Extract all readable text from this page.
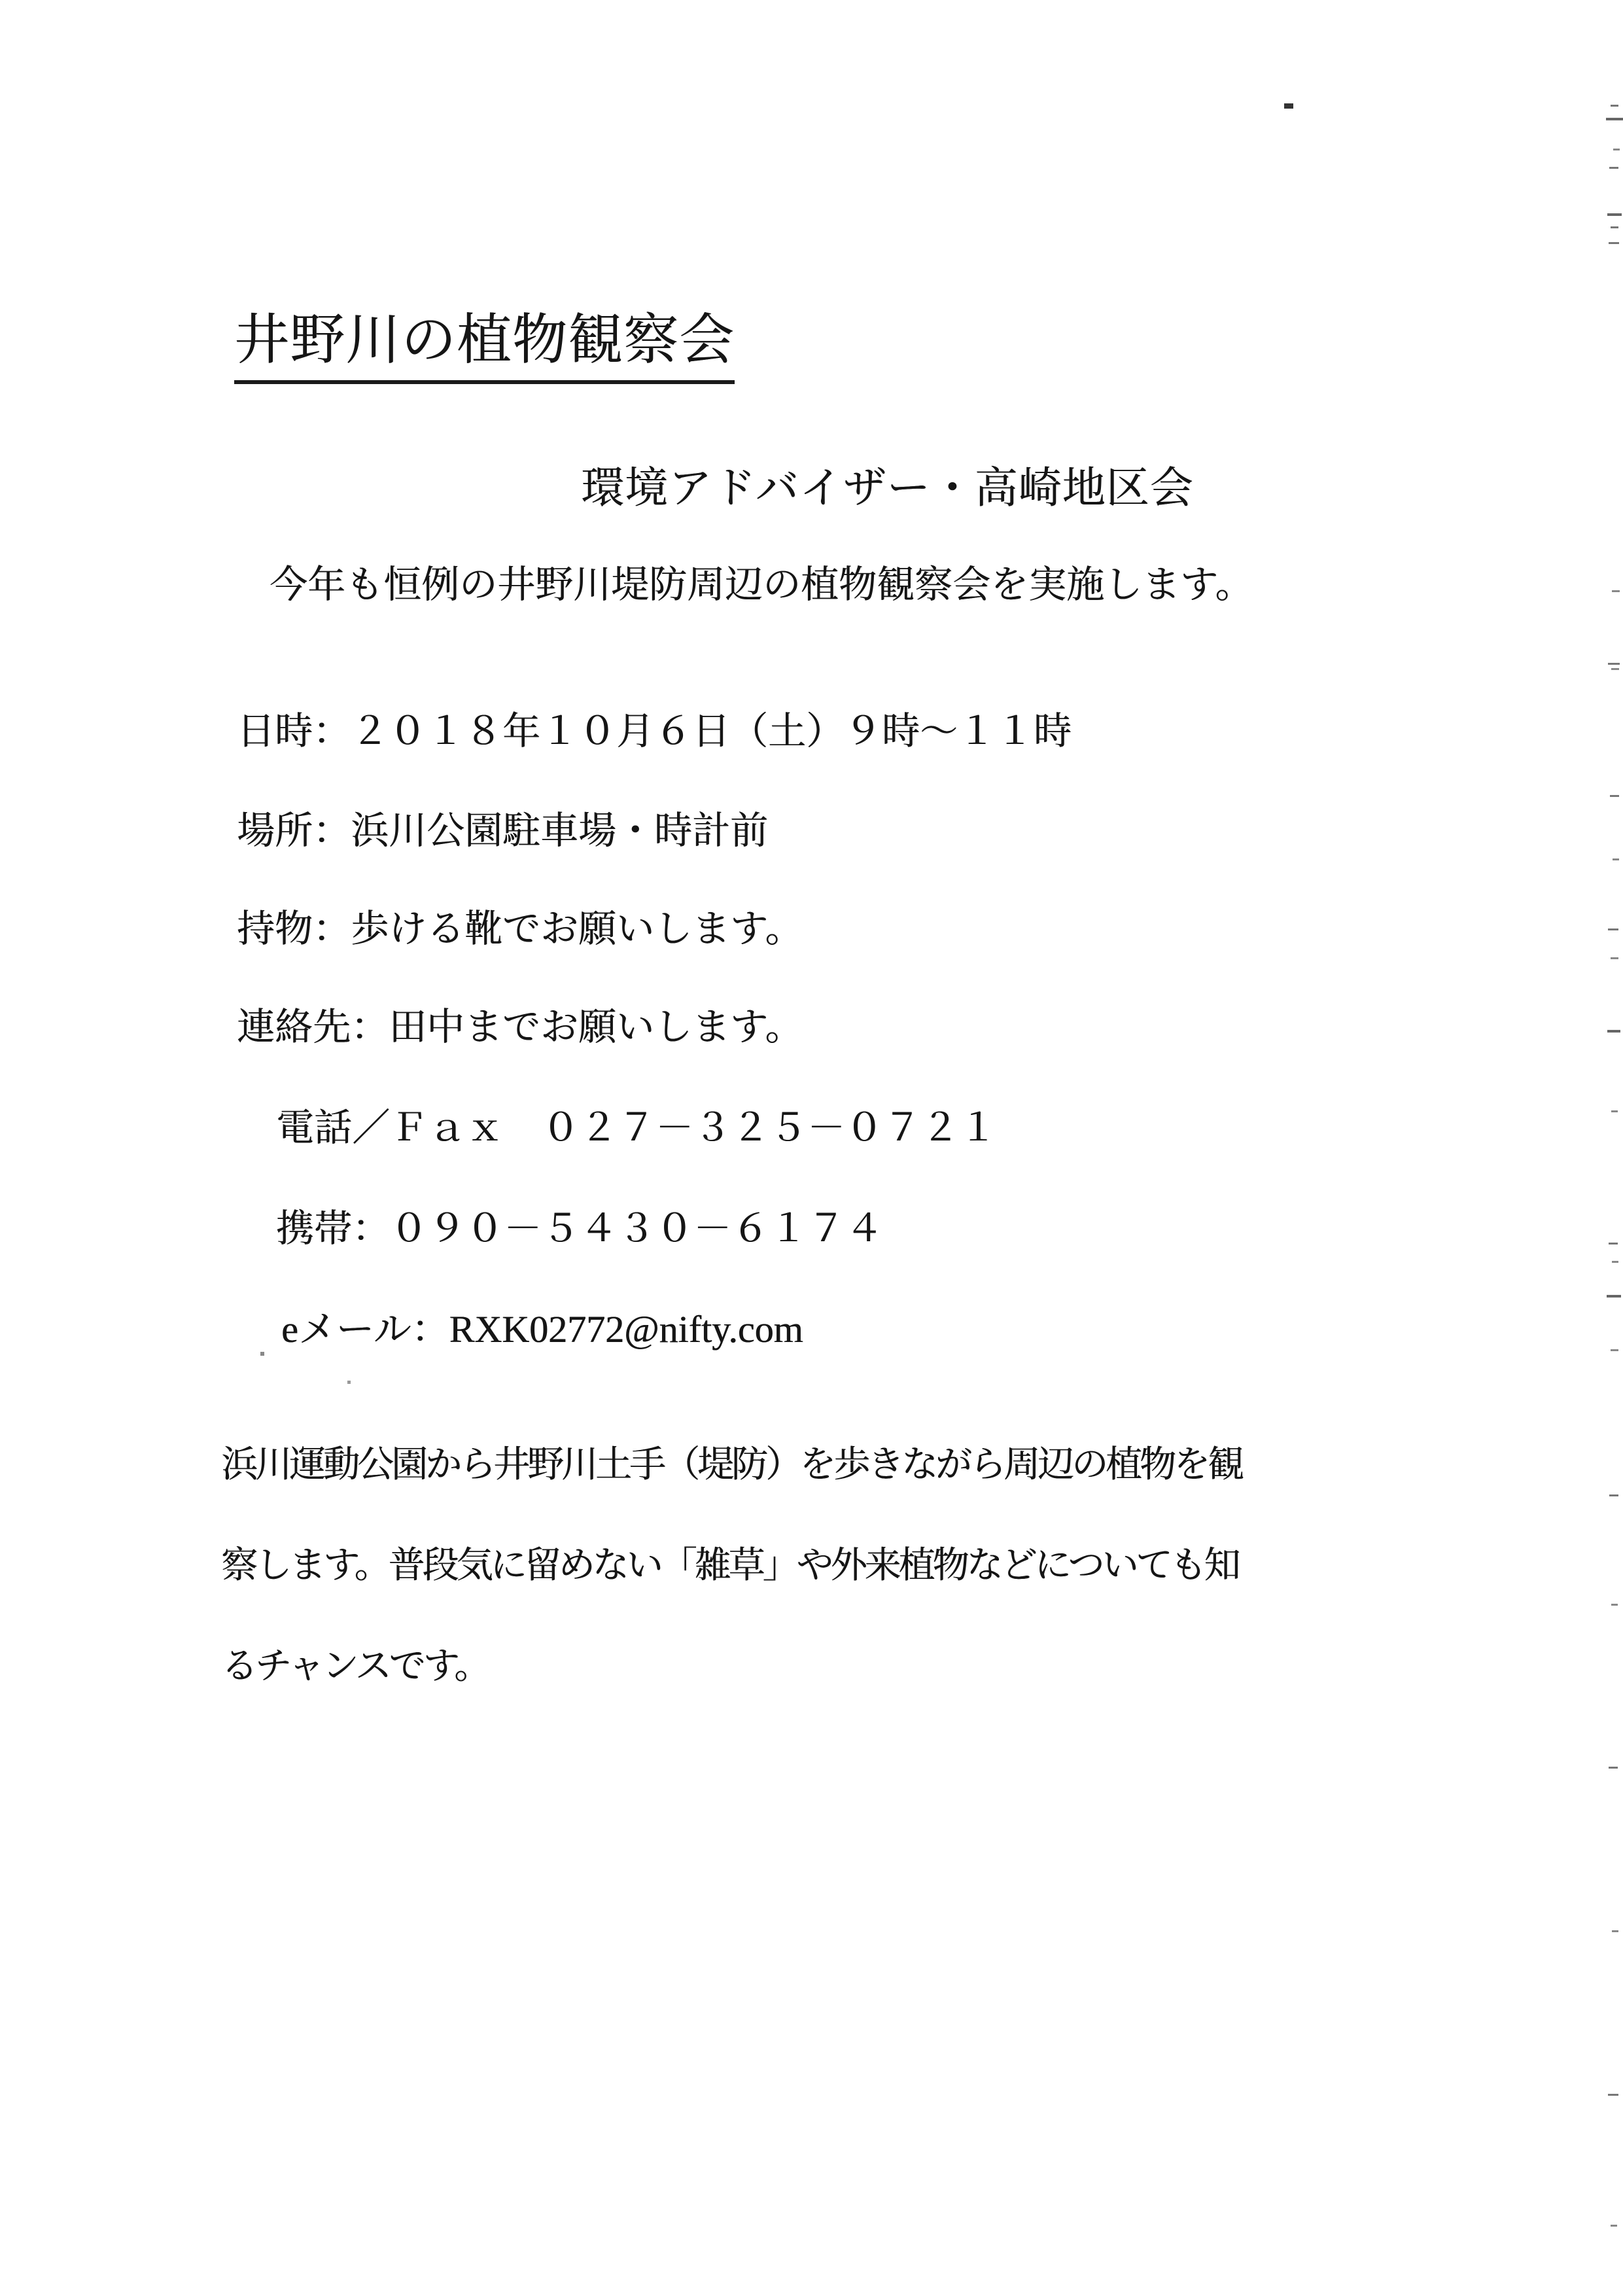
井野川の植物観察会
環境アドバイザー・高崎地区会
今年も恒例の井野川堤防周辺の植物観察会を実施します。
日時：２０１８年１０月６日（土）９時～１１時
場所：浜川公園駐車場・時計前
持物：歩ける靴でお願いします。
連絡先：田中までお願いします。
電話／Ｆａｘ　０２７－３２５－０７２１
携帯：０９０－５４３０－６１７４
eメール：RXK02772@nifty.com
浜川運動公園から井野川土手（堤防）を歩きながら周辺の植物を観
察します。普段気に留めない「雑草」や外来植物などについても知
るチャンスです。
